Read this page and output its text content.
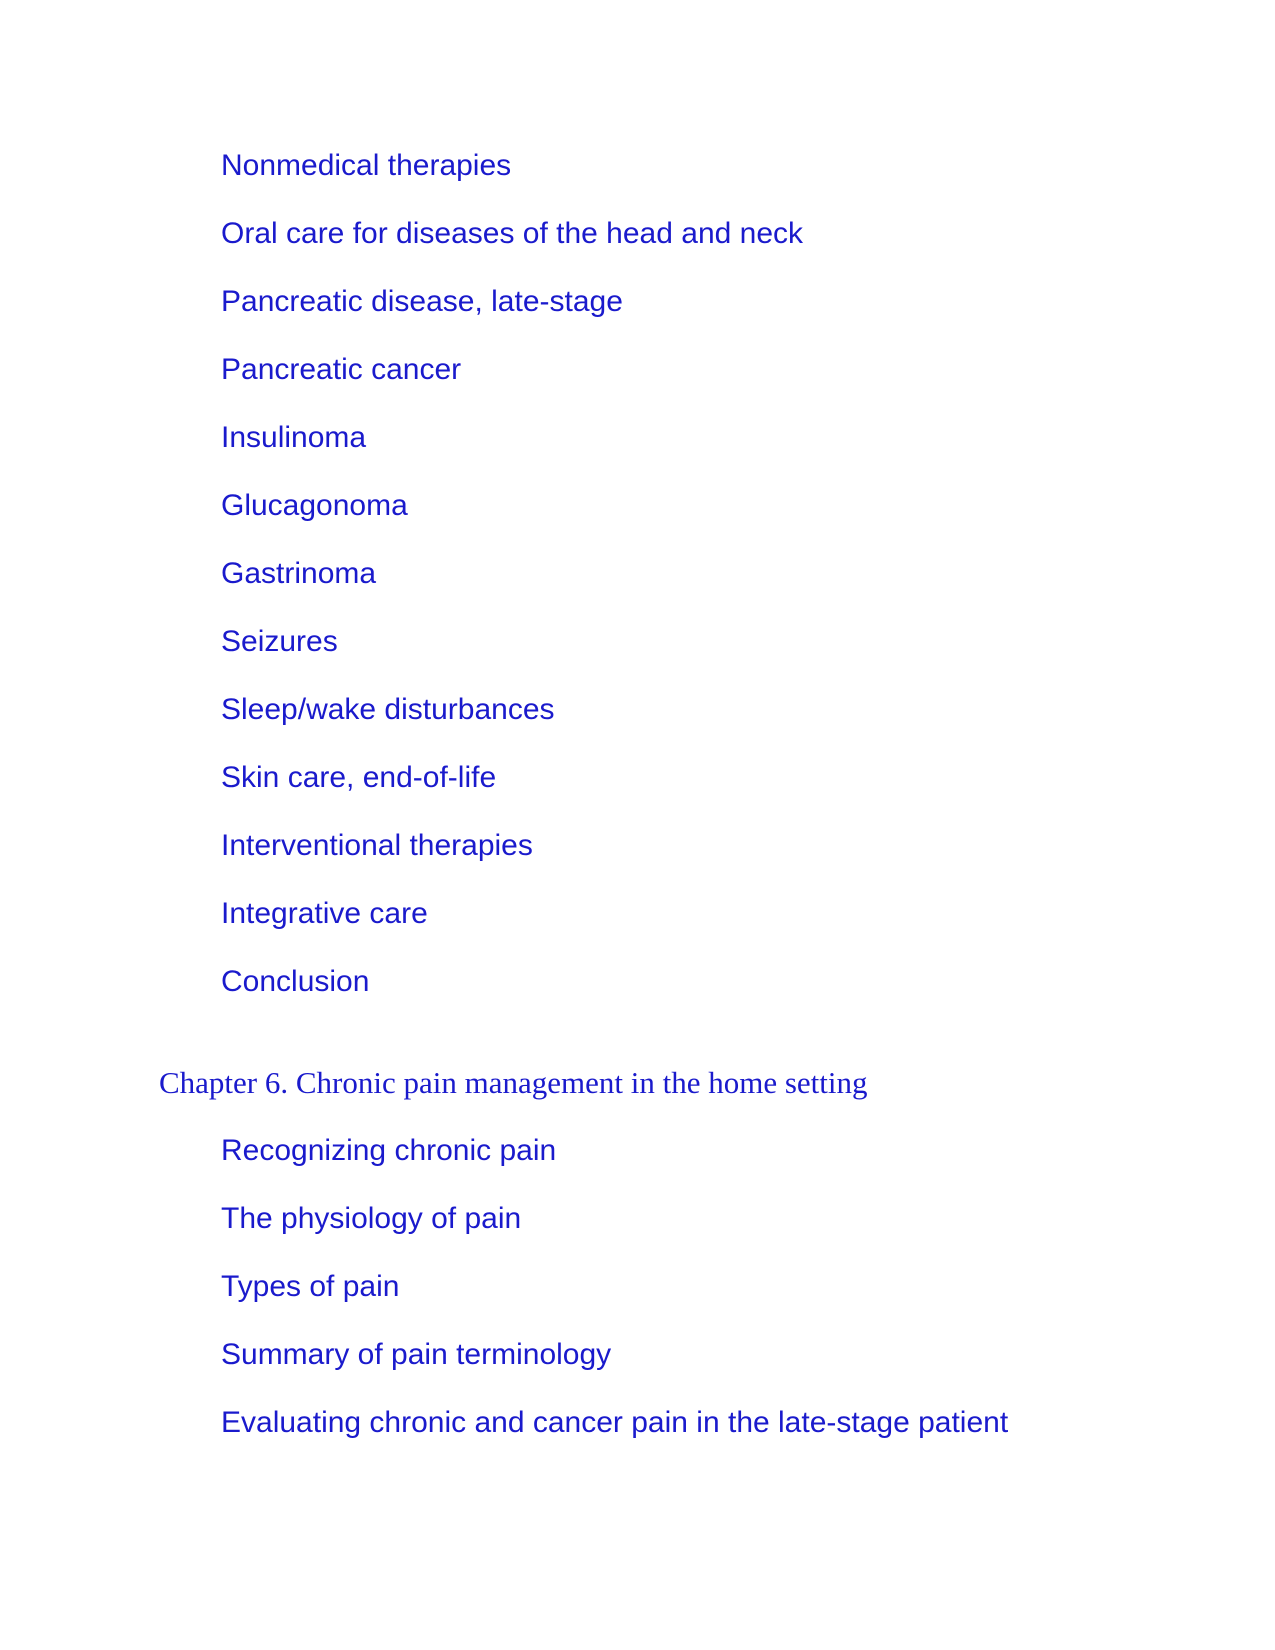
Nonmedical therapies
Oral care for diseases of the head and neck
Pancreatic disease, late-stage
Pancreatic cancer
Insulinoma
Glucagonoma
Gastrinoma
Seizures
Sleep/wake disturbances
Skin care, end-of-life
Interventional therapies
Integrative care
Conclusion
Chapter 6. Chronic pain management in the home setting
Recognizing chronic pain
The physiology of pain
Types of pain
Summary of pain terminology
Evaluating chronic and cancer pain in the late-stage patient
